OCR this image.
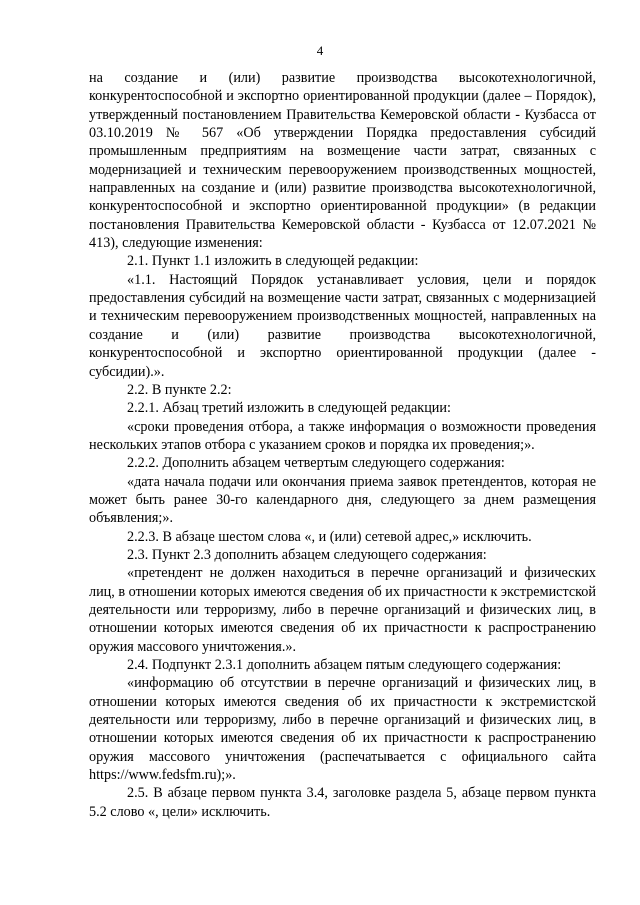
4

на создание и (или) развитие производства высокотехнологичной, конкурентоспособной и экспортно ориентированной продукции (далее – Порядок), утвержденный постановлением Правительства Кемеровской области - Кузбасса от 03.10.2019 № 567 «Об утверждении Порядка предоставления субсидий промышленным предприятиям на возмещение части затрат, связанных с модернизацией и техническим перевооружением производственных мощностей, направленных на создание и (или) развитие производства высокотехнологичной, конкурентоспособной и экспортно ориентированной продукции» (в редакции постановления Правительства Кемеровской области - Кузбасса от 12.07.2021 № 413), следующие изменения:

2.1. Пункт 1.1 изложить в следующей редакции:

«1.1. Настоящий Порядок устанавливает условия, цели и порядок предоставления субсидий на возмещение части затрат, связанных с модернизацией и техническим перевооружением производственных мощностей, направленных на создание и (или) развитие производства высокотехнологичной, конкурентоспособной и экспортно ориентированной продукции (далее - субсидии).».

2.2. В пункте 2.2:

2.2.1. Абзац третий изложить в следующей редакции:

«сроки проведения отбора, а также информация о возможности проведения нескольких этапов отбора с указанием сроков и порядка их проведения;».

2.2.2. Дополнить абзацем четвертым следующего содержания:

«дата начала подачи или окончания приема заявок претендентов, которая не может быть ранее 30-го календарного дня, следующего за днем размещения объявления;».

2.2.3. В абзаце шестом слова «, и (или) сетевой адрес,» исключить.

2.3. Пункт 2.3 дополнить абзацем следующего содержания:

«претендент не должен находиться в перечне организаций и физических лиц, в отношении которых имеются сведения об их причастности к экстремистской деятельности или терроризму, либо в перечне организаций и физических лиц, в отношении которых имеются сведения об их причастности к распространению оружия массового уничтожения.».

2.4. Подпункт 2.3.1 дополнить абзацем пятым следующего содержания:

«информацию об отсутствии в перечне организаций и физических лиц, в отношении которых имеются сведения об их причастности к экстремистской деятельности или терроризму, либо в перечне организаций и физических лиц, в отношении которых имеются сведения об их причастности к распространению оружия массового уничтожения (распечатывается с официального сайта https://www.fedsfm.ru);».

2.5. В абзаце первом пункта 3.4, заголовке раздела 5, абзаце первом пункта 5.2 слово «, цели» исключить.
